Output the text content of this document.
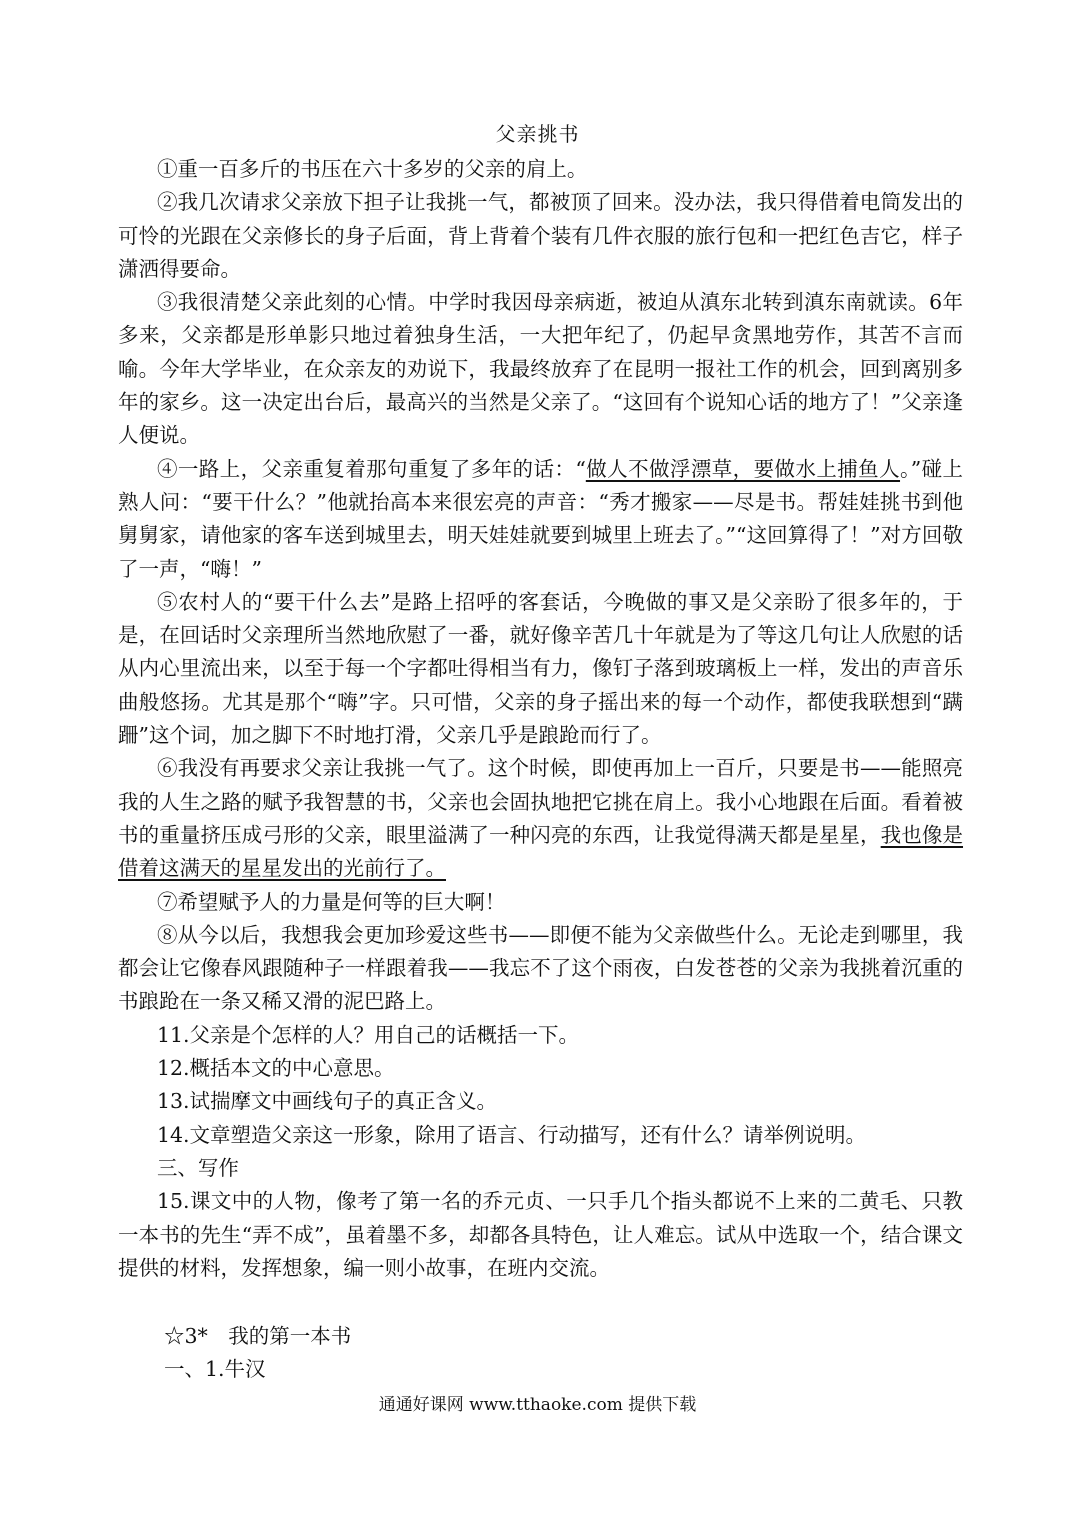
父亲挑书

①重一百多斤的书压在六十多岁的父亲的肩上。

②我几次请求父亲放下担子让我挑一气，都被顶了回来。没办法，我只得借着电筒发出的可怜的光跟在父亲修长的身子后面，背上背着个装有几件衣服的旅行包和一把红色吉它，样子潇洒得要命。

③我很清楚父亲此刻的心情。中学时我因母亲病逝，被迫从滇东北转到滇东南就读。6年多来，父亲都是形单影只地过着独身生活，一大把年纪了，仍起早贪黑地劳作，其苦不言而喻。今年大学毕业，在众亲友的劝说下，我最终放弃了在昆明一报社工作的机会，回到离别多年的家乡。这一决定出台后，最高兴的当然是父亲了。“这回有个说知心话的地方了！”父亲逢人便说。

④一路上，父亲重复着那句重复了多年的话：“做人不做浮漂草，要做水上捕鱼人。”碰上熟人问：“要干什么？”他就抬高本来很宏亮的声音：“秀才搬家——尽是书。帮娃娃挑书到他舅舅家，请他家的客车送到城里去，明天娃娃就要到城里上班去了。”“这回算得了！”对方回敬了一声，“嗨！”

⑤农村人的“要干什么去”是路上招呼的客套话，今晚做的事又是父亲盼了很多年的，于是，在回话时父亲理所当然地欣慰了一番，就好像辛苦几十年就是为了等这几句让人欣慰的话从内心里流出来，以至于每一个字都吐得相当有力，像钉子落到玻璃板上一样，发出的声音乐曲般悠扬。尤其是那个“嗨”字。只可惜，父亲的身子摇出来的每一个动作，都使我联想到“蹒跚”这个词，加之脚下不时地打滑，父亲几乎是踉跄而行了。

⑥我没有再要求父亲让我挑一气了。这个时候，即使再加上一百斤，只要是书——能照亮我的人生之路的赋予我智慧的书，父亲也会固执地把它挑在肩上。我小心地跟在后面。看着被书的重量挤压成弓形的父亲，眼里溢满了一种闪亮的东西，让我觉得满天都是星星，我也像是借着这满天的星星发出的光前行了。

⑦希望赋予人的力量是何等的巨大啊！

⑧从今以后，我想我会更加珍爱这些书——即便不能为父亲做些什么。无论走到哪里，我都会让它像春风跟随种子一样跟着我——我忘不了这个雨夜，白发苍苍的父亲为我挑着沉重的书踉跄在一条又稀又滑的泥巴路上。

11.父亲是个怎样的人？用自己的话概括一下。

12.概括本文的中心意思。

13.试揣摩文中画线句子的真正含义。

14.文章塑造父亲这一形象，除用了语言、行动描写，还有什么？请举例说明。

三、写作

15.课文中的人物，像考了第一名的乔元贞、一只手几个指头都说不上来的二黄毛、只教一本书的先生“弄不成”，虽着墨不多，却都各具特色，让人难忘。试从中选取一个，结合课文提供的材料，发挥想象，编一则小故事，在班内交流。

☆3*　我的第一本书
一、1.牛汉
通通好课网 www.tthaoke.com 提供下载
